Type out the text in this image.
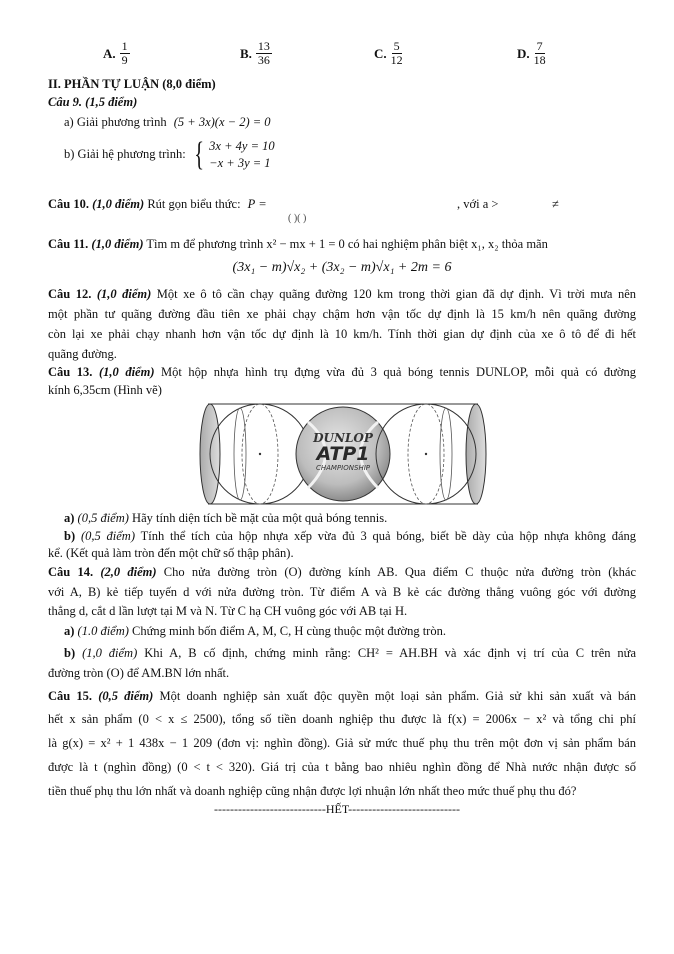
A. $\frac{1}{9}$	B. $\frac{13}{36}$	C. $\frac{5}{12}$	D. $\frac{7}{18}$
II. PHẦN TỰ LUẬN (8,0 điểm)
Câu 9. (1,5 điểm)
a) Giải phương trình (5 + 3x)(x − 2) = 0
b) Giải hệ phương trình: { 3x + 4y = 10
−x + 3y = 1
Câu 10. (1,0 điểm) Rút gọn biểu thức: P =	, với a >	≠
( )( )
Câu 11. (1,0 điểm) Tìm m để phương trình x² − mx + 1 = 0 có hai nghiệm phân biệt x₁, x₂ thỏa mãn
(3x₁ − m)√x₂ + (3x₂ − m)√x₁ + 2m = 6
Câu 12. (1,0 điểm) Một xe ô tô cần chạy quãng đường 120 km trong thời gian đã dự định. Vì trời mưa nên
một phần tư quãng đường đầu tiên xe phải chạy chậm hơn vận tốc dự định là 15 km/h nên quãng đường
còn lại xe phải chạy nhanh hơn vận tốc dự định là 10 km/h. Tính thời gian dự định của xe ô tô để đi hết
quãng đường.
Câu 13. (1,0 điểm) Một hộp nhựa hình trụ đựng vừa đủ 3 quả bóng tennis DUNLOP, mỗi quả có đường
kính 6,35cm (Hình vẽ)
DUNLOP
ATP1
CHAMPIONSHIP
a) (0,5 điểm) Hãy tính diện tích bề mặt của một quả bóng tennis.
b) (0,5 điểm) Tính thể tích của hộp nhựa xếp vừa đủ 3 quả bóng, biết bề dày của hộp nhựa không đáng
kể. (Kết quả làm tròn đến một chữ số thập phân).
Câu 14. (2,0 điểm) Cho nửa đường tròn (O) đường kính AB. Qua điểm C thuộc nửa đường tròn (khác
với A, B) kẻ tiếp tuyến d với nửa đường tròn. Từ điểm A và B kẻ các đường thẳng vuông góc với đường
thẳng d, cắt d lần lượt tại M và N. Từ C hạ CH vuông góc với AB tại H.
a) (1.0 điểm) Chứng minh bốn điểm A, M, C, H cùng thuộc một đường tròn.
b) (1,0 điểm) Khi A, B cố định, chứng minh rằng: CH² = AH.BH và xác định vị trí của C trên nửa
đường tròn (O) để AM.BN lớn nhất.
Câu 15. (0,5 điểm) Một doanh nghiệp sản xuất độc quyền một loại sản phẩm. Giả sử khi sản xuất và bán
hết x sản phẩm (0 < x ≤ 2500), tổng số tiền doanh nghiệp thu được là f(x) = 2006x − x² và tổng chi phí
là g(x) = x² + 1 438x − 1 209 (đơn vị: nghìn đồng). Giả sử mức thuế phụ thu trên một đơn vị sản phẩm bán
được là t (nghìn đồng) (0 < t < 320). Giá trị của t bằng bao nhiêu nghìn đồng để Nhà nước nhận được số
tiền thuế phụ thu lớn nhất và doanh nghiệp cũng nhận được lợi nhuận lớn nhất theo mức thuế phụ thu đó?
----------------------------HẾT----------------------------
